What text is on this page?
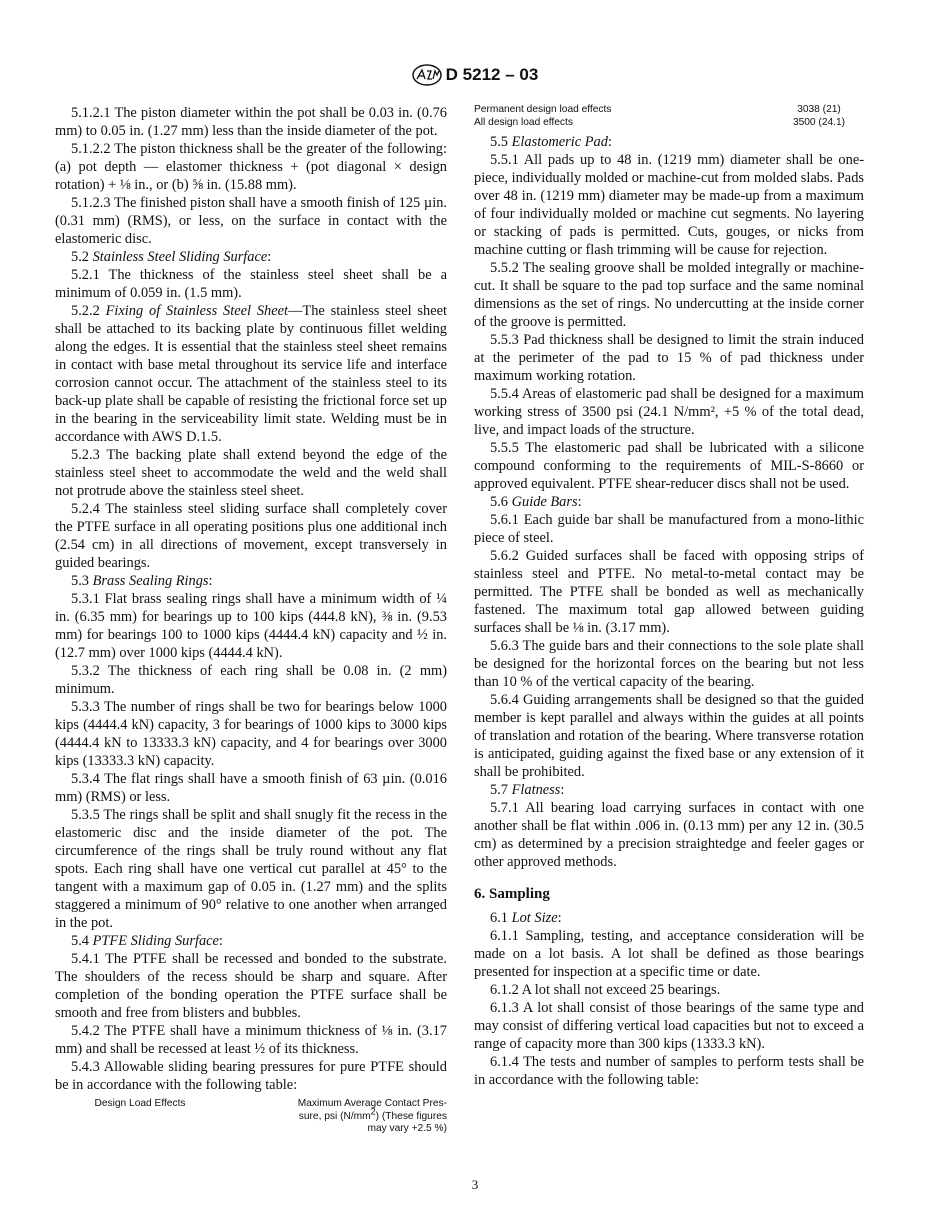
D 5212 – 03

5.1.2.1 The piston diameter within the pot shall be 0.03 in. (0.76 mm) to 0.05 in. (1.27 mm) less than the inside diameter of the pot.

5.1.2.2 The piston thickness shall be the greater of the following: (a) pot depth — elastomer thickness + (pot diagonal × design rotation) + ⅛ in., or (b) ⅝ in. (15.88 mm).

5.1.2.3 The finished piston shall have a smooth finish of 125 µin. (0.31 mm) (RMS), or less, on the surface in contact with the elastomeric disc.

5.2 Stainless Steel Sliding Surface:

5.2.1 The thickness of the stainless steel sheet shall be a minimum of 0.059 in. (1.5 mm).

5.2.2 Fixing of Stainless Steel Sheet—The stainless steel sheet shall be attached to its backing plate by continuous fillet welding along the edges. It is essential that the stainless steel sheet remains in contact with base metal throughout its service life and interface corrosion cannot occur. The attachment of the stainless steel to its back-up plate shall be capable of resisting the frictional force set up in the bearing in the serviceability limit state. Welding must be in accordance with AWS D.1.5.

5.2.3 The backing plate shall extend beyond the edge of the stainless steel sheet to accommodate the weld and the weld shall not protrude above the stainless steel sheet.

5.2.4 The stainless steel sliding surface shall completely cover the PTFE surface in all operating positions plus one additional inch (2.54 cm) in all directions of movement, except transversely in guided bearings.

5.3 Brass Sealing Rings:

5.3.1 Flat brass sealing rings shall have a minimum width of ¼ in. (6.35 mm) for bearings up to 100 kips (444.8 kN), ⅜ in. (9.53 mm) for bearings 100 to 1000 kips (4444.4 kN) capacity and ½ in. (12.7 mm) over 1000 kips (4444.4 kN).

5.3.2 The thickness of each ring shall be 0.08 in. (2 mm) minimum.

5.3.3 The number of rings shall be two for bearings below 1000 kips (4444.4 kN) capacity, 3 for bearings of 1000 kips to 3000 kips (4444.4 kN to 13333.3 kN) capacity, and 4 for bearings over 3000 kips (13333.3 kN) capacity.

5.3.4 The flat rings shall have a smooth finish of 63 µin. (0.016 mm) (RMS) or less.

5.3.5 The rings shall be split and shall snugly fit the recess in the elastomeric disc and the inside diameter of the pot. The circumference of the rings shall be truly round without any flat spots. Each ring shall have one vertical cut parallel at 45° to the tangent with a maximum gap of 0.05 in. (1.27 mm) and the splits staggered a minimum of 90° relative to one another when arranged in the pot.

5.4 PTFE Sliding Surface:

5.4.1 The PTFE shall be recessed and bonded to the substrate. The shoulders of the recess should be sharp and square. After completion of the bonding operation the PTFE surface shall be smooth and free from blisters and bubbles.

5.4.2 The PTFE shall have a minimum thickness of ⅛ in. (3.17 mm) and shall be recessed at least ½ of its thickness.

5.4.3 Allowable sliding bearing pressures for pure PTFE should be in accordance with the following table:

Design Load Effects	Maximum Average Contact Pres-
sure, psi $(N/mm^2)$ (These figures
may vary +2.5 %)
Permanent design load effects	3038 (21)
All design load effects	3500 (24.1)

5.5 Elastomeric Pad:

5.5.1 All pads up to 48 in. (1219 mm) diameter shall be one-piece, individually molded or machine-cut from molded slabs. Pads over 48 in. (1219 mm) diameter may be made-up from a maximum of four individually molded or machine cut segments. No layering or stacking of pads is permitted. Cuts, gouges, or nicks from machine cutting or flash trimming will be cause for rejection.

5.5.2 The sealing groove shall be molded integrally or machine-cut. It shall be square to the pad top surface and the same nominal dimensions as the set of rings. No undercutting at the inside corner of the groove is permitted.

5.5.3 Pad thickness shall be designed to limit the strain induced at the perimeter of the pad to 15 % of pad thickness under maximum working rotation.

5.5.4 Areas of elastomeric pad shall be designed for a maximum working stress of 3500 psi (24.1 N/mm², +5 % of the total dead, live, and impact loads of the structure.

5.5.5 The elastomeric pad shall be lubricated with a silicone compound conforming to the requirements of MIL-S-8660 or approved equivalent. PTFE shear-reducer discs shall not be used.

5.6 Guide Bars:

5.6.1 Each guide bar shall be manufactured from a mono-lithic piece of steel.

5.6.2 Guided surfaces shall be faced with opposing strips of stainless steel and PTFE. No metal-to-metal contact may be permitted. The PTFE shall be bonded as well as mechanically fastened. The maximum total gap allowed between guiding surfaces shall be ⅛ in. (3.17 mm).

5.6.3 The guide bars and their connections to the sole plate shall be designed for the horizontal forces on the bearing but not less than 10 % of the vertical capacity of the bearing.

5.6.4 Guiding arrangements shall be designed so that the guided member is kept parallel and always within the guides at all points of translation and rotation of the bearing. Where transverse rotation is anticipated, guiding against the fixed base or any extension of it shall be prohibited.

5.7 Flatness:

5.7.1 All bearing load carrying surfaces in contact with one another shall be flat within .006 in. (0.13 mm) per any 12 in. (30.5 cm) as determined by a precision straightedge and feeler gages or other approved methods.

6. Sampling

6.1 Lot Size:

6.1.1 Sampling, testing, and acceptance consideration will be made on a lot basis. A lot shall be defined as those bearings presented for inspection at a specific time or date.

6.1.2 A lot shall not exceed 25 bearings.

6.1.3 A lot shall consist of those bearings of the same type and may consist of differing vertical load capacities but not to exceed a range of capacity more than 300 kips (1333.3 kN).

6.1.4 The tests and number of samples to perform tests shall be in accordance with the following table:

3
